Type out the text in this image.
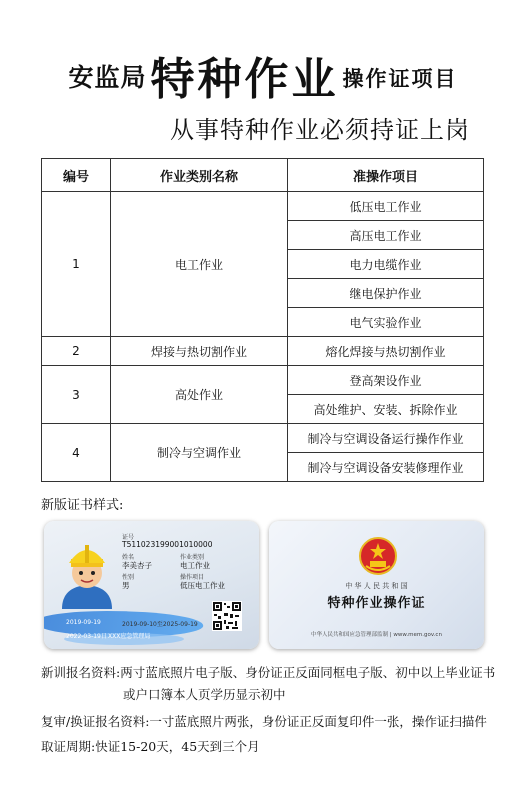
安监局 特种作业 操作证项目
从事特种作业必须持证上岗
编号	作业类别名称	准操作项目
1	电工作业	低压电工作业
		高压电工作业
		电力电缆作业
		继电保护作业
		电气实验作业
2	焊接与热切割作业	熔化焊接与热切割作业
3	高处作业	登高架设作业
		高处维护、安装、拆除作业
4	制冷与空调作业	制冷与空调设备运行操作作业
		制冷与空调设备安装修理作业
新版证书样式:
证号
T511023199001010000
姓名
李美杏子
作业类别
电工作业
性别
男
操作项目
低压电工作业
2019-09-19	2019-09-10至2025-09-19
2022-03-19日 XXX应急管理局
中 华 人 民 共 和 国
特种作业操作证
中华人民共和国应急管理部监制 | www.mem.gov.cn
新训报名资料:两寸蓝底照片电子版、身份证正反面同框电子版、初中以上毕业证书
或户口簿本人页学历显示初中
复审/换证报名资料:一寸蓝底照片两张，身份证正反面复印件一张，操作证扫描件
取证周期:快证15-20天，45天到三个月
